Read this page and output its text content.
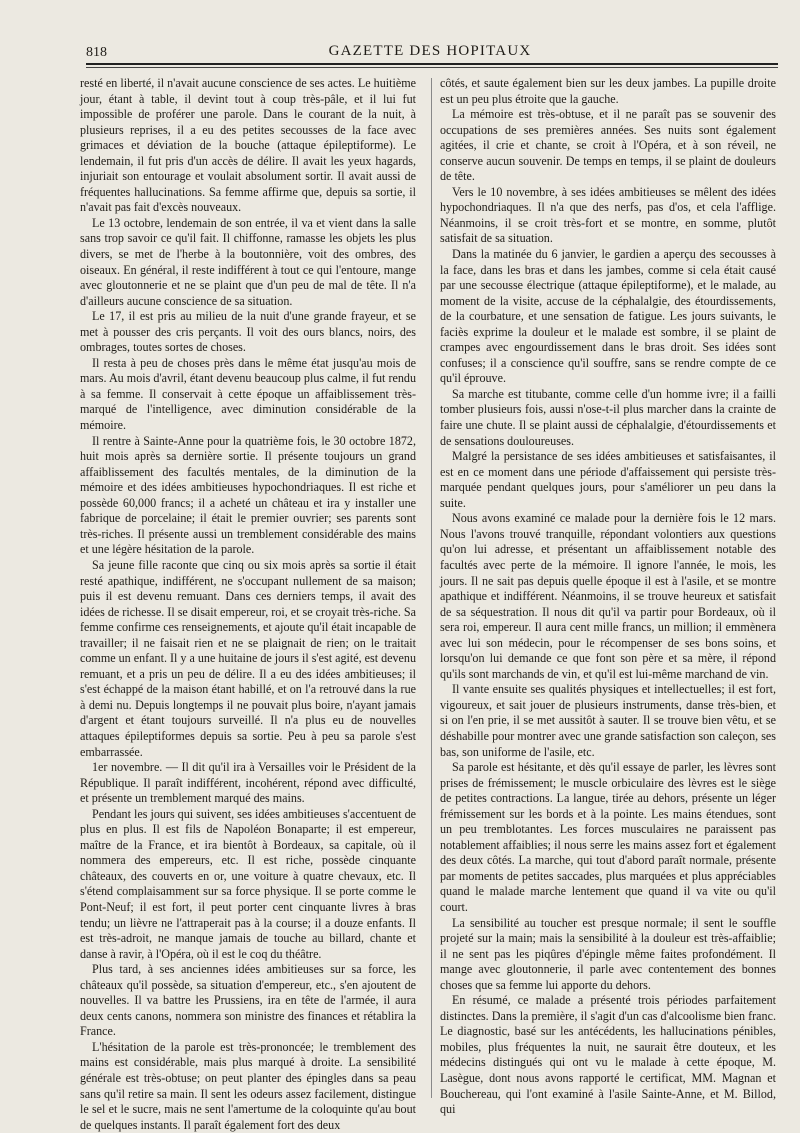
818	GAZETTE DES HOPITAUX

resté en liberté, il n'avait aucune conscience de ses actes. Le huitième jour, étant à table, il devint tout à coup très-pâle, et il lui fut impossible de proférer une parole. Dans le courant de la nuit, à plusieurs reprises, il a eu des petites secousses de la face avec grimaces et déviation de la bouche (attaque épileptiforme). Le lendemain, il fut pris d'un accès de délire. Il avait les yeux hagards, injuriait son entourage et voulait absolument sortir. Il avait aussi de fréquentes hallucinations. Sa femme affirme que, depuis sa sortie, il n'avait pas fait d'excès nouveaux.

Le 13 octobre, lendemain de son entrée, il va et vient dans la salle sans trop savoir ce qu'il fait. Il chiffonne, ramasse les objets les plus divers, se met de l'herbe à la boutonnière, voit des ombres, des oiseaux. En général, il reste indifférent à tout ce qui l'entoure, mange avec gloutonnerie et ne se plaint que d'un peu de mal de tête. Il n'a d'ailleurs aucune conscience de sa situation.

Le 17, il est pris au milieu de la nuit d'une grande frayeur, et se met à pousser des cris perçants. Il voit des ours blancs, noirs, des ombrages, toutes sortes de choses.

Il resta à peu de choses près dans le même état jusqu'au mois de mars. Au mois d'avril, étant devenu beaucoup plus calme, il fut rendu à sa femme. Il conservait à cette époque un affaiblissement très-marqué de l'intelligence, avec diminution considérable de la mémoire.

Il rentre à Sainte-Anne pour la quatrième fois, le 30 octobre 1872, huit mois après sa dernière sortie. Il présente toujours un grand affaiblissement des facultés mentales, de la diminution de la mémoire et des idées ambitieuses hypochondriaques. Il est riche et possède 60,000 francs; il a acheté un château et ira y installer une fabrique de porcelaine; il était le premier ouvrier; ses parents sont très-riches. Il présente aussi un tremblement considérable des mains et une légère hésitation de la parole.

Sa jeune fille raconte que cinq ou six mois après sa sortie il était resté apathique, indifférent, ne s'occupant nullement de sa maison; puis il est devenu remuant. Dans ces derniers temps, il avait des idées de richesse. Il se disait empereur, roi, et se croyait très-riche. Sa femme confirme ces renseignements, et ajoute qu'il était incapable de travailler; il ne faisait rien et ne se plaignait de rien; on le traitait comme un enfant. Il y a une huitaine de jours il s'est agité, est devenu remuant, et a pris un peu de délire. Il a eu des idées ambitieuses; il s'est échappé de la maison étant habillé, et on l'a retrouvé dans la rue à demi nu. Depuis longtemps il ne pouvait plus boire, n'ayant jamais d'argent et étant toujours surveillé. Il n'a plus eu de nouvelles attaques épileptiformes depuis sa sortie. Peu à peu sa parole s'est embarrassée.

1er novembre. — Il dit qu'il ira à Versailles voir le Président de la République. Il paraît indifférent, incohérent, répond avec difficulté, et présente un tremblement marqué des mains.

Pendant les jours qui suivent, ses idées ambitieuses s'accentuent de plus en plus. Il est fils de Napoléon Bonaparte; il est empereur, maître de la France, et ira bientôt à Bordeaux, sa capitale, où il nommera des empereurs, etc. Il est riche, possède cinquante châteaux, des couverts en or, une voiture à quatre chevaux, etc. Il s'étend complaisamment sur sa force physique. Il se porte comme le Pont-Neuf; il est fort, il peut porter cent cinquante livres à bras tendu; un lièvre ne l'attraperait pas à la course; il a douze enfants. Il est très-adroit, ne manque jamais de touche au billard, chante et danse à ravir, à l'Opéra, où il est le coq du théâtre.

Plus tard, à ses anciennes idées ambitieuses sur sa force, les châteaux qu'il possède, sa situation d'empereur, etc., s'en ajoutent de nouvelles. Il va battre les Prussiens, ira en tête de l'armée, il aura deux cents canons, nommera son ministre des finances et rétablira la France.

L'hésitation de la parole est très-prononcée; le tremblement des mains est considérable, mais plus marqué à droite. La sensibilité générale est très-obtuse; on peut planter des épingles dans sa peau sans qu'il retire sa main. Il sent les odeurs assez facilement, distingue le sel et le sucre, mais ne sent l'amertume de la coloquinte qu'au bout de quelques instants. Il paraît également fort des deux

côtés, et saute également bien sur les deux jambes. La pupille droite est un peu plus étroite que la gauche.

La mémoire est très-obtuse, et il ne paraît pas se souvenir des occupations de ses premières années. Ses nuits sont également agitées, il crie et chante, se croit à l'Opéra, et à son réveil, ne conserve aucun souvenir. De temps en temps, il se plaint de douleurs de tête.

Vers le 10 novembre, à ses idées ambitieuses se mêlent des idées hypochondriaques. Il n'a que des nerfs, pas d'os, et cela l'afflige. Néanmoins, il se croit très-fort et se montre, en somme, plutôt satisfait de sa situation.

Dans la matinée du 6 janvier, le gardien a aperçu des secousses à la face, dans les bras et dans les jambes, comme si cela était causé par une secousse électrique (attaque épileptiforme), et le malade, au moment de la visite, accuse de la céphalalgie, des étourdissements, de la courbature, et une sensation de fatigue. Les jours suivants, le faciès exprime la douleur et le malade est sombre, il se plaint de crampes avec engourdissement dans le bras droit. Ses idées sont confuses; il a conscience qu'il souffre, sans se rendre compte de ce qu'il éprouve.

Sa marche est titubante, comme celle d'un homme ivre; il a failli tomber plusieurs fois, aussi n'ose-t-il plus marcher dans la crainte de faire une chute. Il se plaint aussi de céphalalgie, d'étourdissements et de sensations douloureuses.

Malgré la persistance de ses idées ambitieuses et satisfaisantes, il est en ce moment dans une période d'affaissement qui persiste très-marquée pendant quelques jours, pour s'améliorer un peu dans la suite.

Nous avons examiné ce malade pour la dernière fois le 12 mars. Nous l'avons trouvé tranquille, répondant volontiers aux questions qu'on lui adresse, et présentant un affaiblissement notable des facultés avec perte de la mémoire. Il ignore l'année, le mois, les jours. Il ne sait pas depuis quelle époque il est à l'asile, et se montre apathique et indifférent. Néanmoins, il se trouve heureux et satisfait de sa séquestration. Il nous dit qu'il va partir pour Bordeaux, où il sera roi, empereur. Il aura cent mille francs, un million; il emmènera avec lui son médecin, pour le récompenser de ses bons soins, et lorsqu'on lui demande ce que font son père et sa mère, il répond qu'ils sont marchands de vin, et qu'il est lui-même marchand de vin.

Il vante ensuite ses qualités physiques et intellectuelles; il est fort, vigoureux, et sait jouer de plusieurs instruments, danse très-bien, et si on l'en prie, il se met aussitôt à sauter. Il se trouve bien vêtu, et se déshabille pour montrer avec une grande satisfaction son caleçon, ses bas, son uniforme de l'asile, etc.

Sa parole est hésitante, et dès qu'il essaye de parler, les lèvres sont prises de frémissement; le muscle orbiculaire des lèvres est le siège de petites contractions. La langue, tirée au dehors, présente un léger frémissement sur les bords et à la pointe. Les mains étendues, sont un peu tremblotantes. Les forces musculaires ne paraissent pas notablement affaiblies; il nous serre les mains assez fort et également des deux côtés. La marche, qui tout d'abord paraît normale, présente par moments de petites saccades, plus marquées et plus appréciables quand le malade marche lentement que quand il va vite ou qu'il court.

La sensibilité au toucher est presque normale; il sent le souffle projeté sur la main; mais la sensibilité à la douleur est très-affaiblie; il ne sent pas les piqûres d'épingle même faites profondément. Il mange avec gloutonnerie, il parle avec contentement des bonnes choses que sa femme lui apporte du dehors.

En résumé, ce malade a présenté trois périodes parfaitement distinctes. Dans la première, il s'agit d'un cas d'alcoolisme bien franc. Le diagnostic, basé sur les antécédents, les hallucinations pénibles, mobiles, plus fréquentes la nuit, ne saurait être douteux, et les médecins distingués qui ont vu le malade à cette époque, M. Lasègue, dont nous avons rapporté le certificat, MM. Magnan et Bouchereau, qui l'ont examiné à l'asile Sainte-Anne, et M. Billod, qui
